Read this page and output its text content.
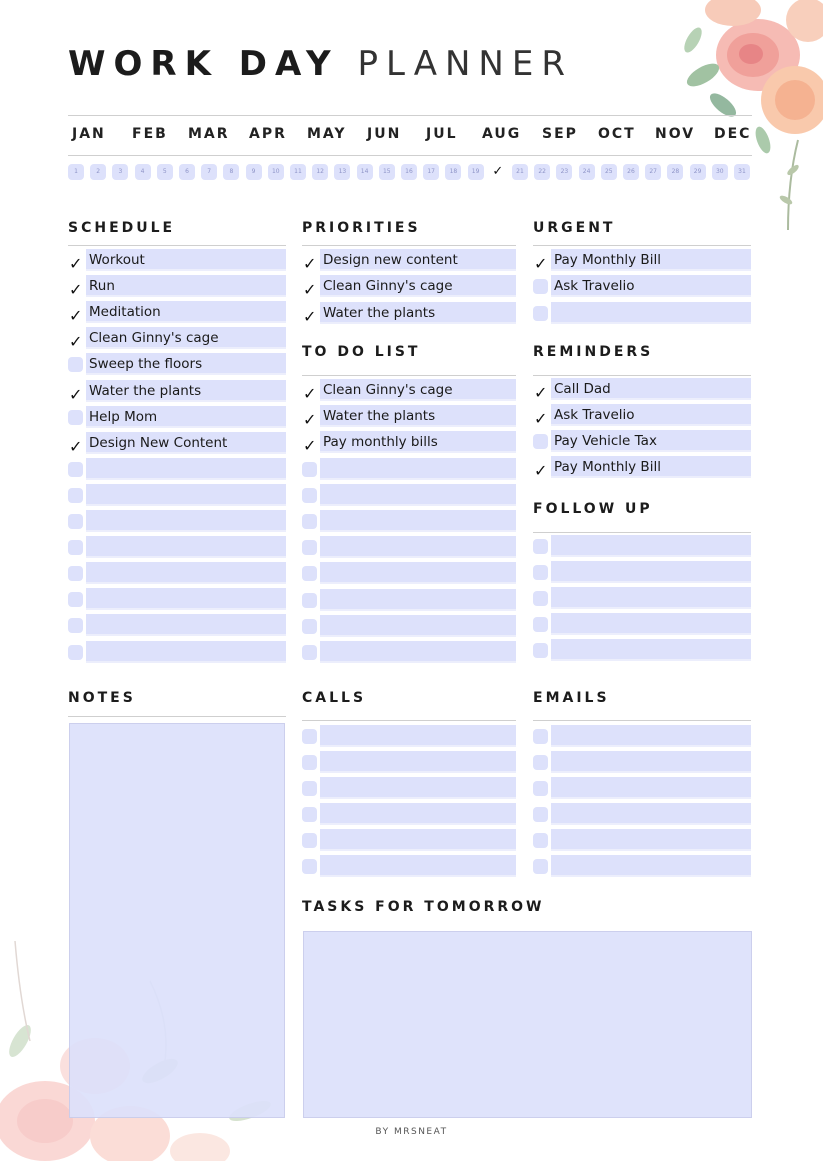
WORK DAY PLANNER
JAN FEB MAR APR MAY JUN JUL AUG SEP OCT NOV DEC
1	2	3	4	5	6	7	8	9	10	11	12	13	14	15	16	17	18	19 ✓	21	22	23	24	25	26	27	28	29	30	31
SCHEDULE	PRIORITIES	URGENT
TO DO LIST	REMINDERS
FOLLOW UP
NOTES	CALLS	EMAILS
TASKS FOR TOMORROW
✓ Workout
✓ Run
✓ Meditation
✓ Clean Ginny's cage
Sweep the floors
✓ Water the plants
Help Mom
✓ Design New Content
✓ Design new content
✓ Clean Ginny's cage
✓ Water the plants
✓ Clean Ginny's cage
✓ Water the plants
✓ Pay monthly bills
✓ Pay Monthly Bill
Ask Travelio
✓ Call Dad
✓ Ask Travelio
Pay Vehicle Tax
✓ Pay Monthly Bill
BY MRSNEAT
